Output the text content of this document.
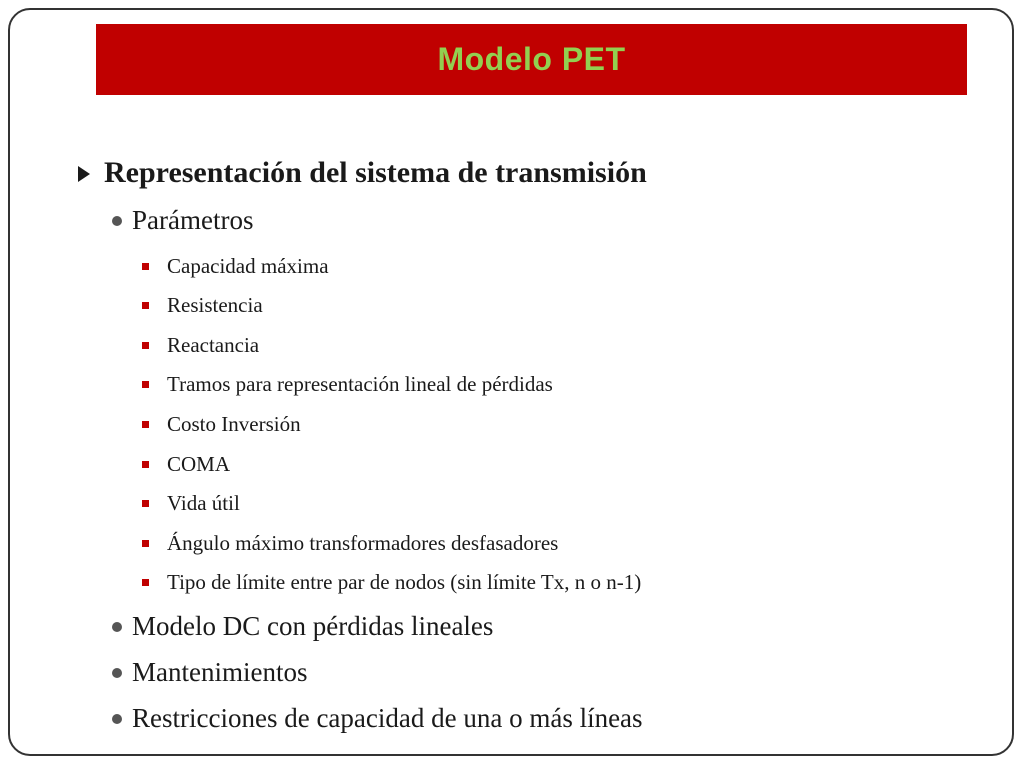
Modelo PET
Representación del sistema de transmisión
Parámetros
Capacidad máxima
Resistencia
Reactancia
Tramos para representación lineal de pérdidas
Costo Inversión
COMA
Vida útil
Ángulo máximo transformadores desfasadores
Tipo de límite entre par de nodos (sin límite Tx, n o n-1)
Modelo DC con pérdidas lineales
Mantenimientos
Restricciones de capacidad de una o más líneas
